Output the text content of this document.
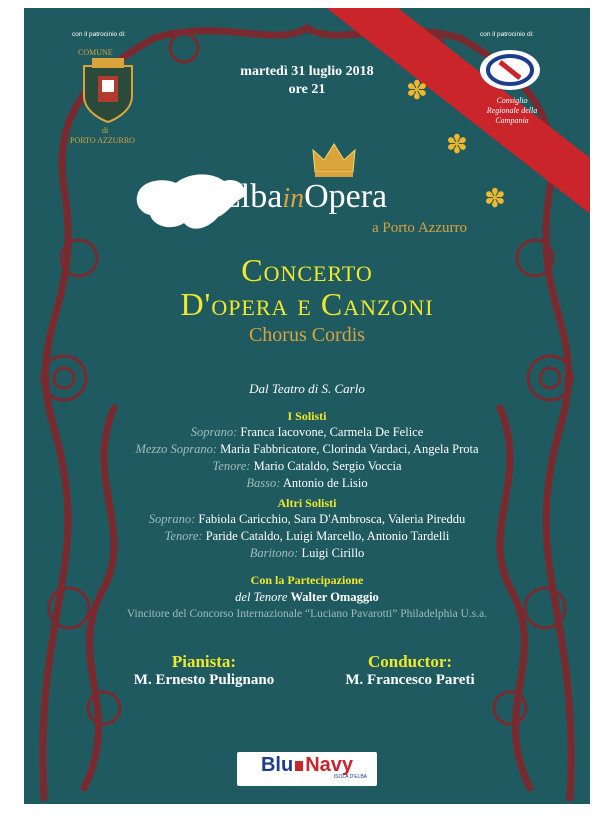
✽
✽
✽
con il patrocinio di:
COMUNE
di
PORTO AZZURRO
con il patrocinio di:
Consiglio
Regionale della
Campania
martedì 31 luglio 2018
ore 21
ElbainOpera
a Porto Azzurro
Concerto
D'opera e Canzoni
Chorus Cordis
Dal Teatro di S. Carlo
I Solisti
Soprano: Franca Iacovone, Carmela De Felice
Mezzo Soprano: Maria Fabbricatore, Clorinda Vardaci, Angela Prota
Tenore: Mario Cataldo, Sergio Voccia
Basso: Antonio de Lisio
Altri Solisti
Soprano: Fabiola Caricchio, Sara D'Ambrosca, Valeria Pireddu
Tenore: Paride Cataldo, Luigi Marcello, Antonio Tardelli
Baritono: Luigi Cirillo
Con la Partecipazione
del Tenore Walter Omaggio
Vincitore del Concorso Internazionale “Luciano Pavarotti” Philadelphia U.s.a.
Pianista:
M. Ernesto Pulignano
Conductor:
M. Francesco Pareti
Blu Navy
ISOLA D'ELBA
